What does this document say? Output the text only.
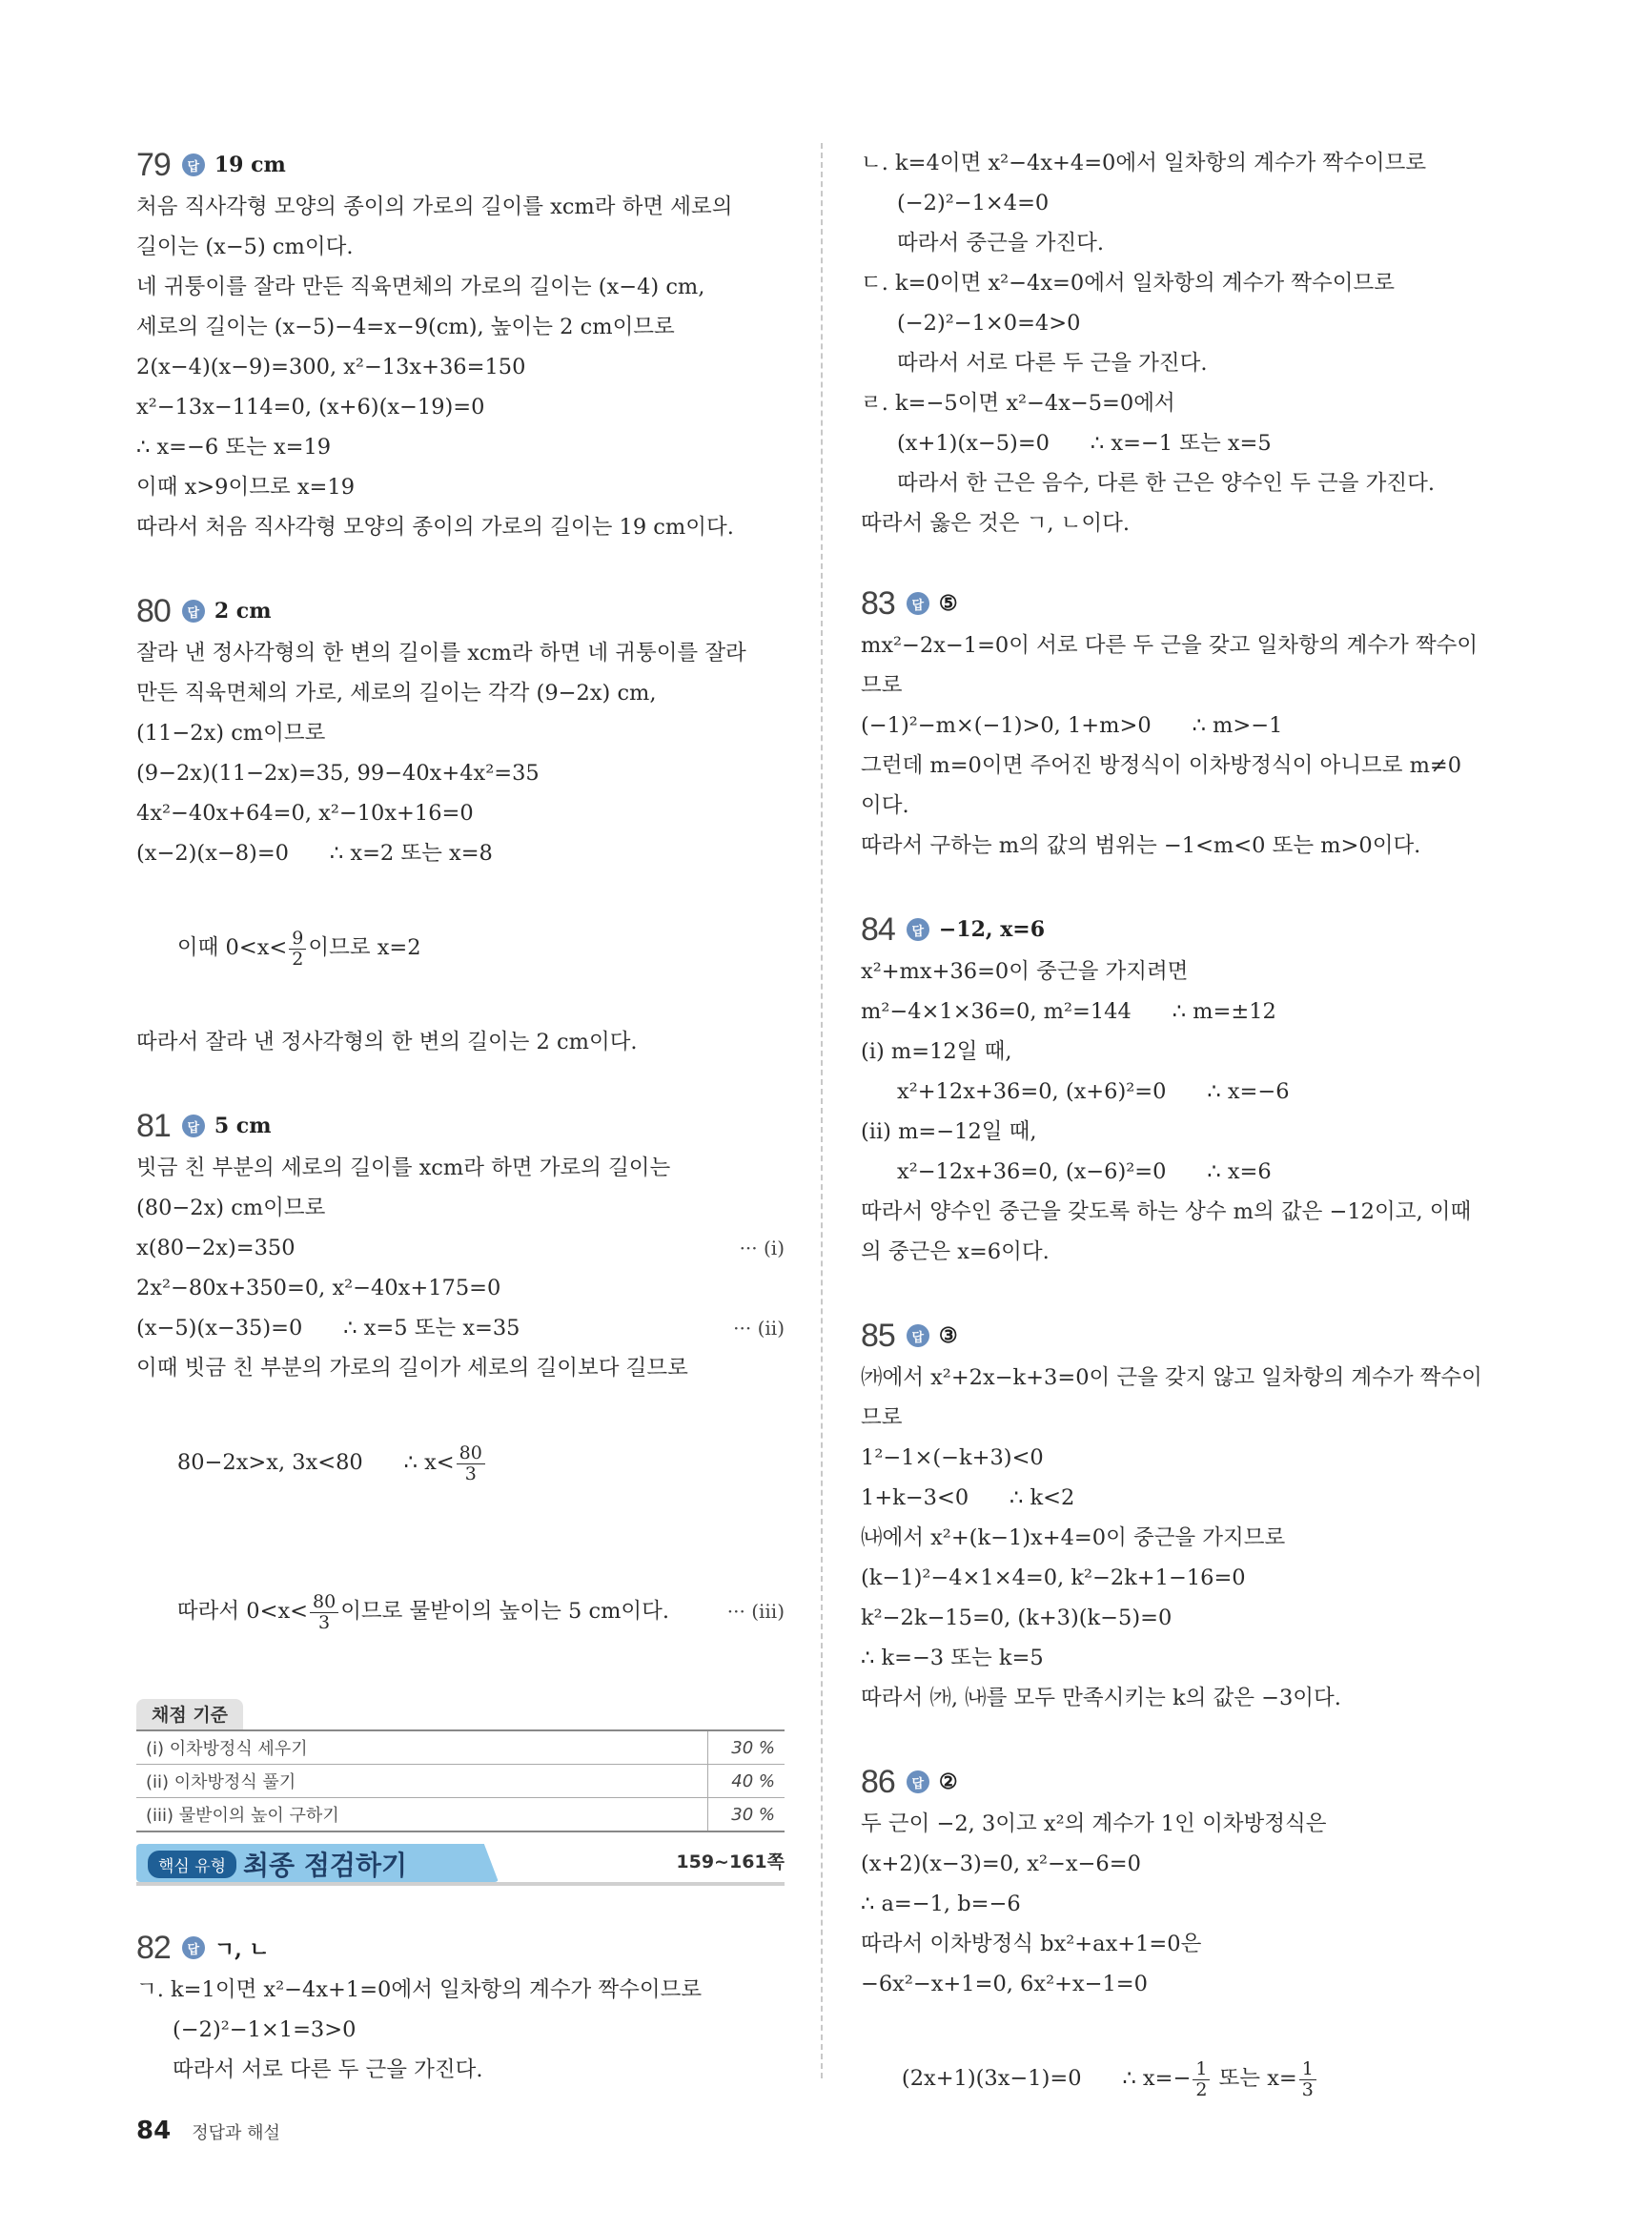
79	답 19 cm
처음 직사각형 모양의 종이의 가로의 길이를 xcm라 하면 세로의
길이는 (x−5) cm이다.
네 귀퉁이를 잘라 만든 직육면체의 가로의 길이는 (x−4) cm,
세로의 길이는 (x−5)−4=x−9(cm), 높이는 2 cm이므로
2(x−4)(x−9)=300, x²−13x+36=150
x²−13x−114=0, (x+6)(x−19)=0
∴ x=−6 또는 x=19
이때 x>9이므로 x=19
따라서 처음 직사각형 모양의 종이의 가로의 길이는 19 cm이다.
80	답 2 cm
잘라 낸 정사각형의 한 변의 길이를 xcm라 하면 네 귀퉁이를 잘라
만든 직육면체의 가로, 세로의 길이는 각각 (9−2x) cm,
(11−2x) cm이므로
(9−2x)(11−2x)=35, 99−40x+4x²=35
4x²−40x+64=0, x²−10x+16=0
(x−2)(x−8)=0      ∴ x=2 또는 x=8

이때 $0<x< \frac{9}{2}$ 이므로 x=2

따라서 잘라 낸 정사각형의 한 변의 길이는 2 cm이다.
81	답 5 cm
빗금 친 부분의 세로의 길이를 xcm라 하면 가로의 길이는
(80−2x) cm이므로
x(80−2x)=350	··· (i)
2x²−80x+350=0, x²−40x+175=0
(x−5)(x−35)=0      ∴ x=5 또는 x=35	··· (ii)
이때 빗금 친 부분의 가로의 길이가 세로의 길이보다 길므로

80−2x>x, 3x<80      ∴ $x< \frac{80}{3}$

따라서 $0<x< \frac{80}{3}$ 이므로 물받이의 높이는 5 cm이다.	··· (iii)

채점 기준
(i) 이차방정식 세우기	30 %
(ii) 이차방정식 풀기	40 %
(iii) 물받이의 높이 구하기	30 %
핵심 유형 최종 점검하기	159~161쪽
82	답 ㄱ, ㄴ
ㄱ. k=1이면 x²−4x+1=0에서 일차항의 계수가 짝수이므로
(−2)²−1×1=3>0
따라서 서로 다른 두 근을 가진다.
ㄴ. k=4이면 x²−4x+4=0에서 일차항의 계수가 짝수이므로
(−2)²−1×4=0
따라서 중근을 가진다.
ㄷ. k=0이면 x²−4x=0에서 일차항의 계수가 짝수이므로
(−2)²−1×0=4>0
따라서 서로 다른 두 근을 가진다.
ㄹ. k=−5이면 x²−4x−5=0에서
(x+1)(x−5)=0      ∴ x=−1 또는 x=5
따라서 한 근은 음수, 다른 한 근은 양수인 두 근을 가진다.
따라서 옳은 것은 ㄱ, ㄴ이다.
83	답 ⑤
mx²−2x−1=0이 서로 다른 두 근을 갖고 일차항의 계수가 짝수이
므로
(−1)²−m×(−1)>0, 1+m>0      ∴ m>−1
그런데 m=0이면 주어진 방정식이 이차방정식이 아니므로 m≠0
이다.
따라서 구하는 m의 값의 범위는 −1<m<0 또는 m>0이다.
84	답 −12, x=6
x²+mx+36=0이 중근을 가지려면
m²−4×1×36=0, m²=144      ∴ m=±12
(i) m=12일 때,
x²+12x+36=0, (x+6)²=0      ∴ x=−6
(ii) m=−12일 때,
x²−12x+36=0, (x−6)²=0      ∴ x=6
따라서 양수인 중근을 갖도록 하는 상수 m의 값은 −12이고, 이때
의 중근은 x=6이다.
85	답 ③
㈎에서 x²+2x−k+3=0이 근을 갖지 않고 일차항의 계수가 짝수이
므로
1²−1×(−k+3)<0
1+k−3<0      ∴ k<2
㈏에서 x²+(k−1)x+4=0이 중근을 가지므로
(k−1)²−4×1×4=0, k²−2k+1−16=0
k²−2k−15=0, (k+3)(k−5)=0
∴ k=−3 또는 k=5
따라서 ㈎, ㈏를 모두 만족시키는 k의 값은 −3이다.
86	답 ②
두 근이 −2, 3이고 x²의 계수가 1인 이차방정식은
(x+2)(x−3)=0, x²−x−6=0
∴ a=−1, b=−6
따라서 이차방정식 bx²+ax+1=0은
−6x²−x+1=0, 6x²+x−1=0

(2x+1)(3x−1)=0      ∴ $x=- \frac{1}{2}$ 또는 $x= \frac{1}{3}$

84 정답과 해설
